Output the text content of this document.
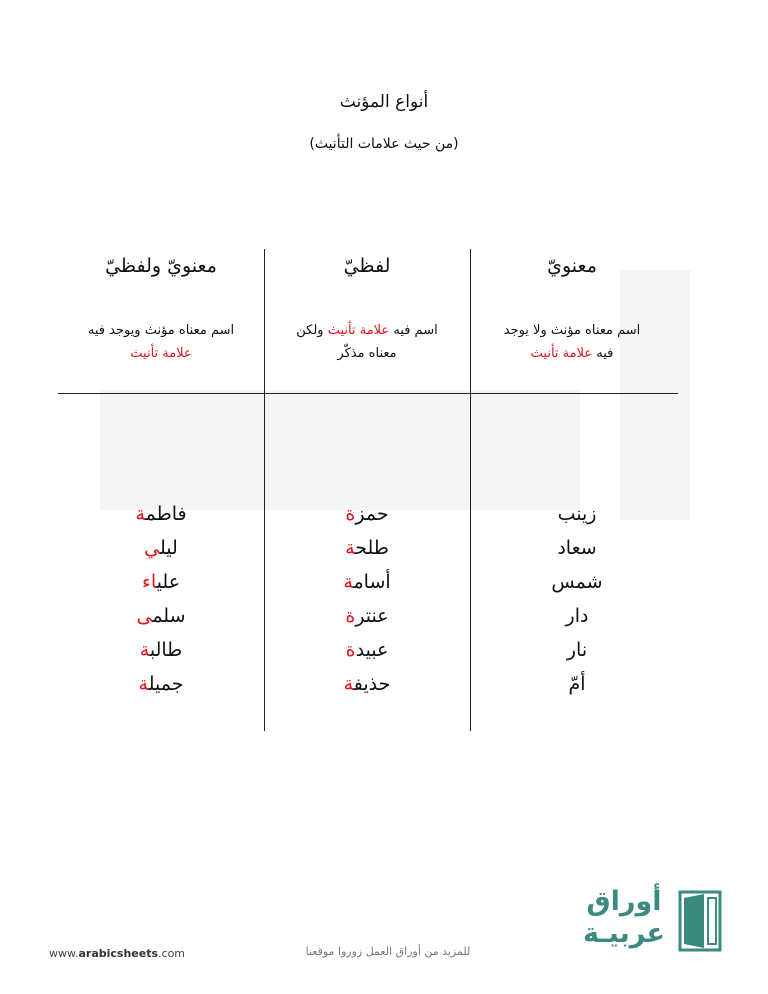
أنواع المؤنث
(من حيث علامات التأنيث)
معنويّ
اسم معناه مؤنث ولا يوجد
فيه علامة تأنيث
زينب
سعاد
شمس
دار
نار
أمّ
لفظيّ
اسم فيه علامة تأنيث ولكن
معناه مذكّر
حمزة
طلحة
أسامة
عنترة
عبيدة
حذيفة
معنويّ ولفظيّ
اسم معناه مؤنث ويوجد فيه
علامة تأنيث
فاطمة
ليلي
علياء
سلمى
طالبة
جميلة
www.arabicsheets.com	للمزيد من أوراق العمل زوروا موقعنا
أوراق
عربيـة
